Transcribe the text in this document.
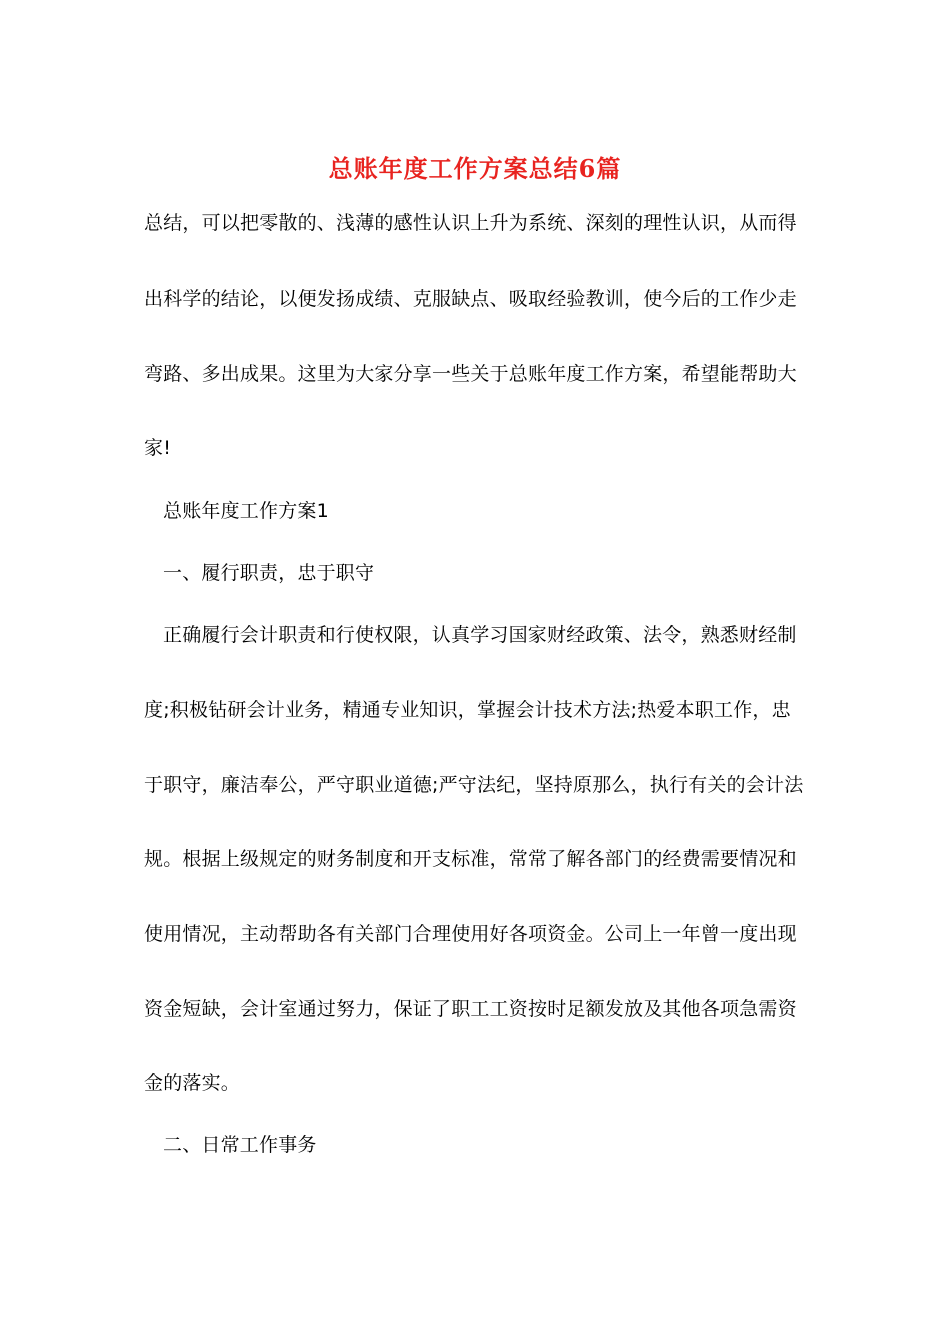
总账年度工作方案总结6篇
总结，可以把零散的、浅薄的感性认识上升为系统、深刻的理性认识，从而得
出科学的结论，以便发扬成绩、克服缺点、吸取经验教训，使今后的工作少走
弯路、多出成果。这里为大家分享一些关于总账年度工作方案，希望能帮助大
家!
总账年度工作方案1
一、履行职责，忠于职守
正确履行会计职责和行使权限，认真学习国家财经政策、法令，熟悉财经制
度;积极钻研会计业务，精通专业知识，掌握会计技术方法;热爱本职工作，忠
于职守，廉洁奉公，严守职业道德;严守法纪，坚持原那么，执行有关的会计法
规。根据上级规定的财务制度和开支标准，常常了解各部门的经费需要情况和
使用情况，主动帮助各有关部门合理使用好各项资金。公司上一年曾一度出现
资金短缺，会计室通过努力，保证了职工工资按时足额发放及其他各项急需资
金的落实。
二、日常工作事务
